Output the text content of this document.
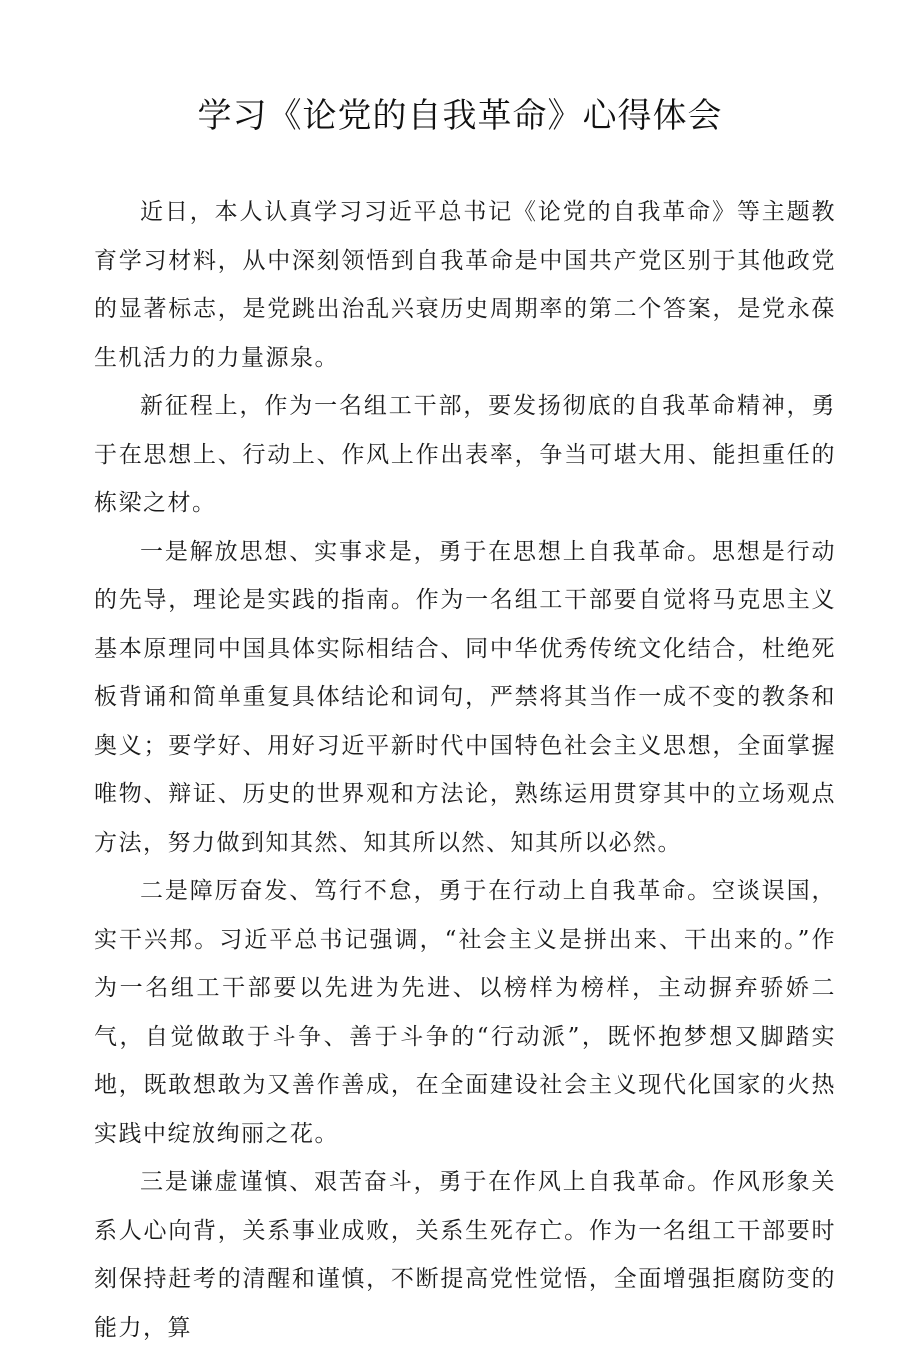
学习《论党的自我革命》心得体会

近日，本人认真学习习近平总书记《论党的自我革命》等主题教育学习材料，从中深刻领悟到自我革命是中国共产党区别于其他政党的显著标志，是党跳出治乱兴衰历史周期率的第二个答案，是党永葆生机活力的力量源泉。

新征程上，作为一名组工干部，要发扬彻底的自我革命精神，勇于在思想上、行动上、作风上作出表率，争当可堪大用、能担重任的栋梁之材。

一是解放思想、实事求是，勇于在思想上自我革命。思想是行动的先导，理论是实践的指南。作为一名组工干部要自觉将马克思主义基本原理同中国具体实际相结合、同中华优秀传统文化结合，杜绝死板背诵和简单重复具体结论和词句，严禁将其当作一成不变的教条和奥义；要学好、用好习近平新时代中国特色社会主义思想，全面掌握唯物、辩证、历史的世界观和方法论，熟练运用贯穿其中的立场观点方法，努力做到知其然、知其所以然、知其所以必然。

二是障厉奋发、笃行不怠，勇于在行动上自我革命。空谈误国，实干兴邦。习近平总书记强调，“社会主义是拼出来、干出来的。”作为一名组工干部要以先进为先进、以榜样为榜样，主动摒弃骄娇二气，自觉做敢于斗争、善于斗争的“行动派”，既怀抱梦想又脚踏实地，既敢想敢为又善作善成，在全面建设社会主义现代化国家的火热实践中绽放绚丽之花。

三是谦虚谨慎、艰苦奋斗，勇于在作风上自我革命。作风形象关系人心向背，关系事业成败，关系生死存亡。作为一名组工干部要时刻保持赶考的清醒和谨慎，不断提高党性觉悟，全面增强拒腐防变的能力，算
